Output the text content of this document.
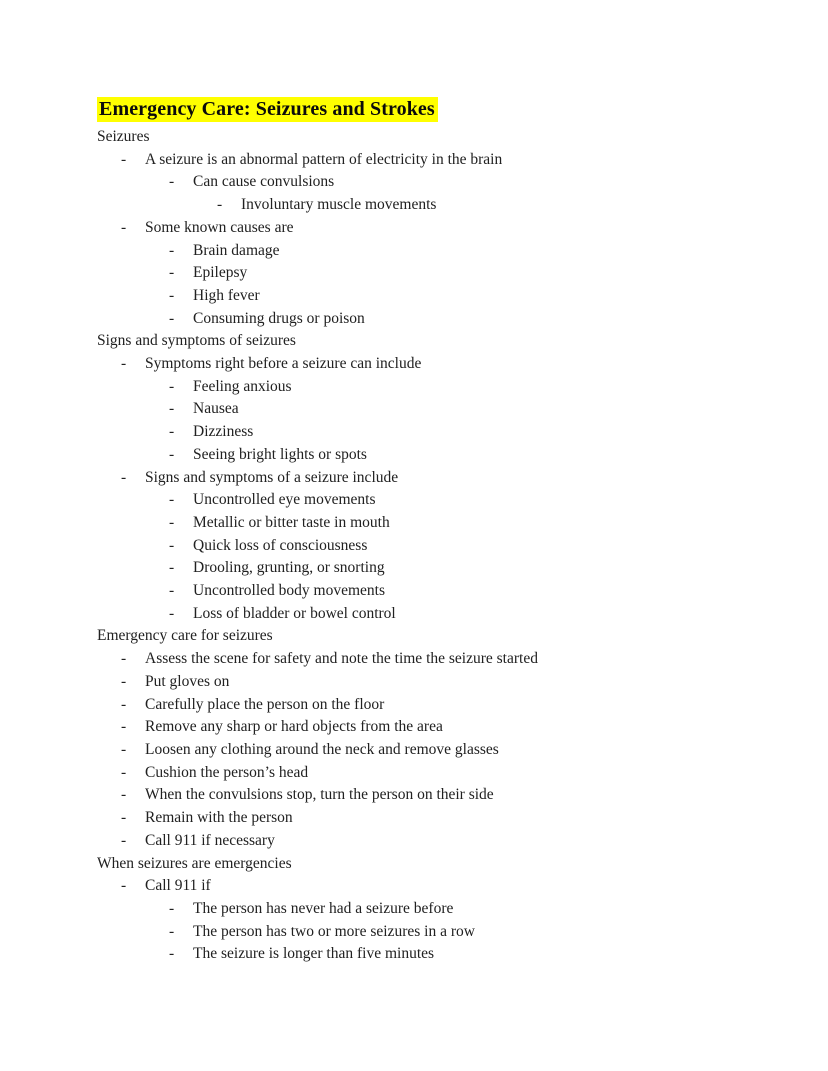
Emergency Care: Seizures and Strokes
Seizures
-	A seizure is an abnormal pattern of electricity in the brain
-	Can cause convulsions
-	Involuntary muscle movements
-	Some known causes are
-	Brain damage
-	Epilepsy
-	High fever
-	Consuming drugs or poison
Signs and symptoms of seizures
-	Symptoms right before a seizure can include
-	Feeling anxious
-	Nausea
-	Dizziness
-	Seeing bright lights or spots
-	Signs and symptoms of a seizure include
-	Uncontrolled eye movements
-	Metallic or bitter taste in mouth
-	Quick loss of consciousness
-	Drooling, grunting, or snorting
-	Uncontrolled body movements
-	Loss of bladder or bowel control
Emergency care for seizures
-	Assess the scene for safety and note the time the seizure started
-	Put gloves on
-	Carefully place the person on the floor
-	Remove any sharp or hard objects from the area
-	Loosen any clothing around the neck and remove glasses
-	Cushion the person’s head
-	When the convulsions stop, turn the person on their side
-	Remain with the person
-	Call 911 if necessary
When seizures are emergencies
-	Call 911 if
-	The person has never had a seizure before
-	The person has two or more seizures in a row
-	The seizure is longer than five minutes
